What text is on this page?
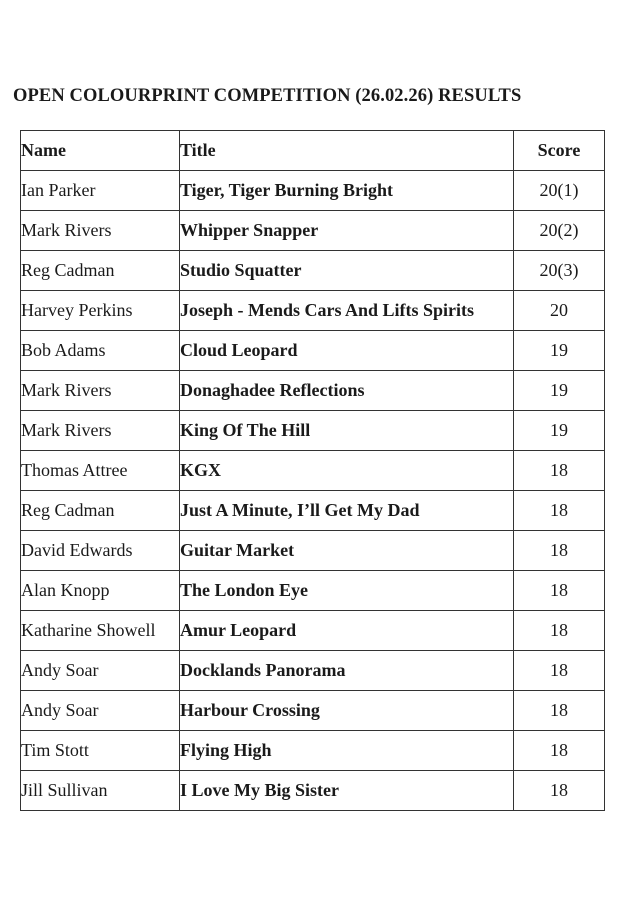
OPEN COLOURPRINT COMPETITION (26.02.26) RESULTS
Name	Title	Score
Ian Parker	Tiger, Tiger Burning Bright	20(1)
Mark Rivers	Whipper Snapper	20(2)
Reg Cadman	Studio Squatter	20(3)
Harvey Perkins	Joseph - Mends Cars And Lifts Spirits	20
Bob Adams	Cloud Leopard	19
Mark Rivers	Donaghadee Reflections	19
Mark Rivers	King Of The Hill	19
Thomas Attree	KGX	18
Reg Cadman	Just A Minute, I’ll Get My Dad	18
David Edwards	Guitar Market	18
Alan Knopp	The London Eye	18
Katharine Showell	Amur Leopard	18
Andy Soar	Docklands Panorama	18
Andy Soar	Harbour Crossing	18
Tim Stott	Flying High	18
Jill Sullivan	I Love My Big Sister	18
